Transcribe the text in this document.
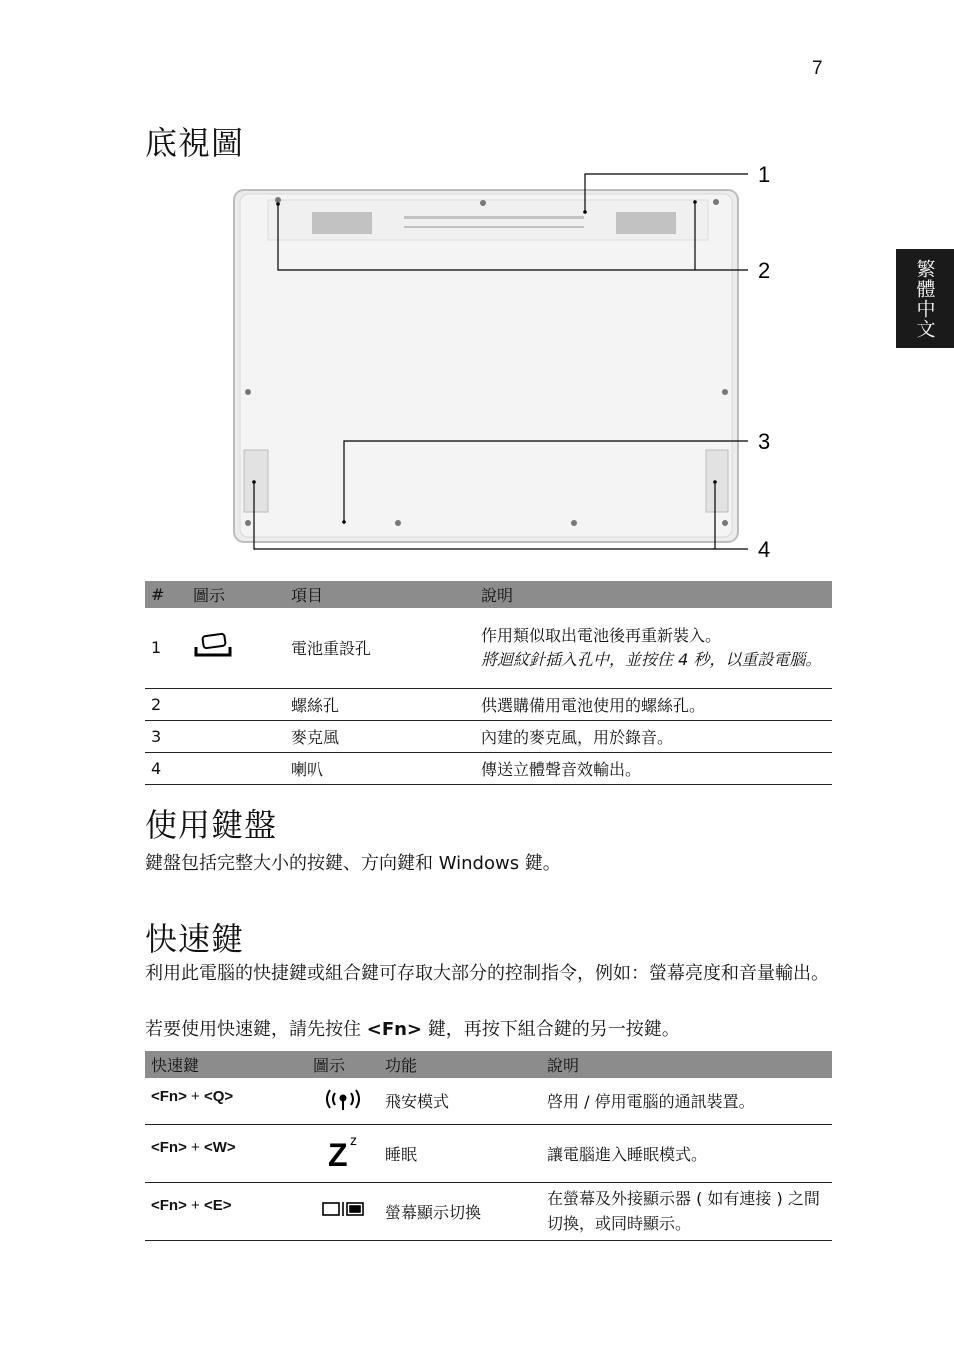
7
繁體中文
底視圖
1
2
3
4
#	圖示	項目	說明
1		電池重設孔	作用類似取出電池後再重新裝入。
將迴紋針插入孔中，並按住 4 秒，以重設電腦。

2		螺絲孔	供選購備用電池使用的螺絲孔。
3		麥克風	內建的麥克風，用於錄音。
4		喇叭	傳送立體聲音效輸出。
使用鍵盤
鍵盤包括完整大小的按鍵、方向鍵和 Windows 鍵。
快速鍵
利用此電腦的快捷鍵或組合鍵可存取大部分的控制指令，例如：螢幕亮度和音量輸出。
若要使用快速鍵，請先按住 <Fn> 鍵，再按下組合鍵的另一按鍵。
快速鍵	圖示	功能	說明
<Fn> + <Q>		飛安模式	啓用 / 停用電腦的通訊裝置。
<Fn> + <W>	Z z	睡眠	讓電腦進入睡眠模式。
<Fn> + <E>		螢幕顯示切換	在螢幕及外接顯示器 ( 如有連接 ) 之間切換，或同時顯示。
